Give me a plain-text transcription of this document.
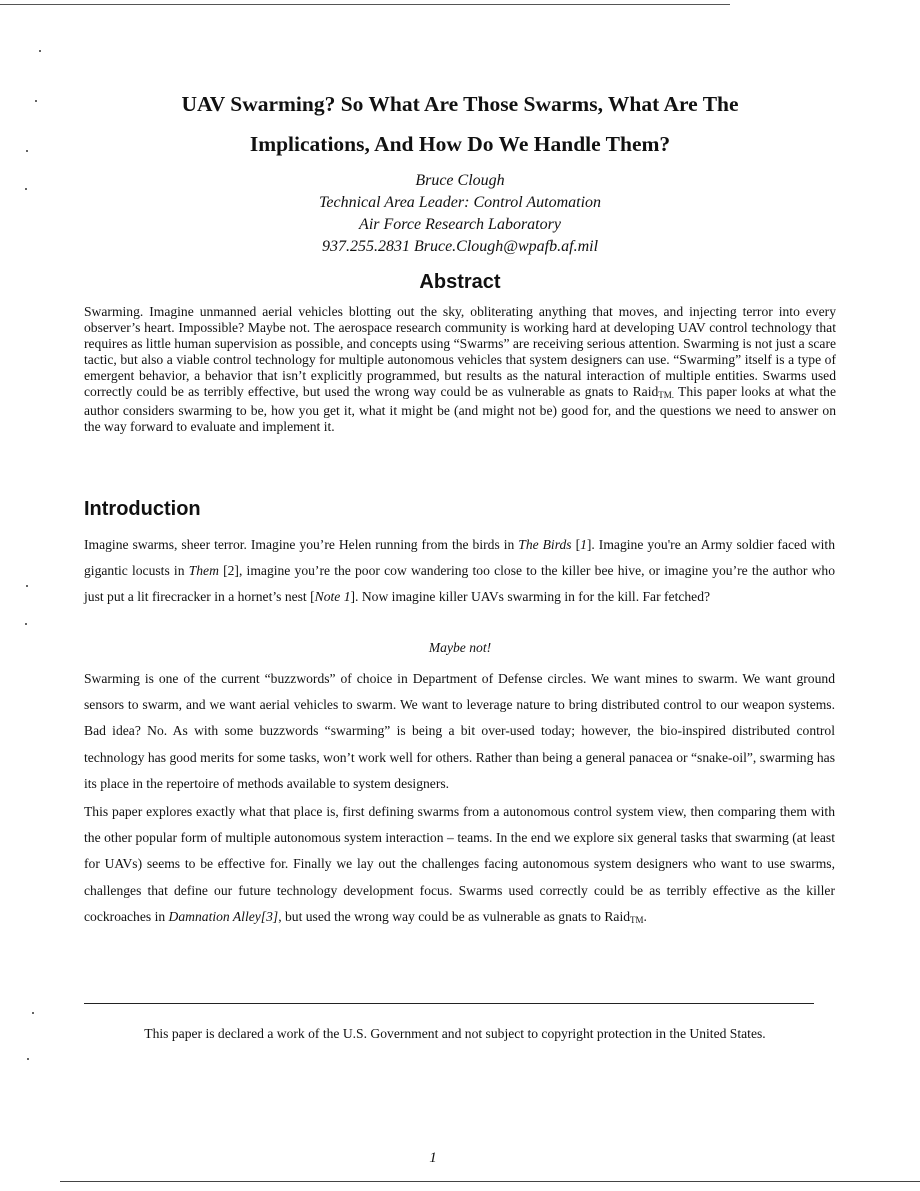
UAV Swarming? So What Are Those Swarms, What Are The
Implications, And How Do We Handle Them?
Bruce Clough
Technical Area Leader: Control Automation
Air Force Research Laboratory
937.255.2831 Bruce.Clough@wpafb.af.mil
Abstract

Swarming. Imagine unmanned aerial vehicles blotting out the sky, obliterating anything that moves, and injecting terror into every observer’s heart. Impossible? Maybe not. The aerospace research community is working hard at developing UAV control technology that requires as little human supervision as possible, and concepts using “Swarms” are receiving serious attention. Swarming is not just a scare tactic, but also a viable control technology for multiple autonomous vehicles that system designers can use. “Swarming” itself is a type of emergent behavior, a behavior that isn’t explicitly programmed, but results as the natural interaction of multiple entities. Swarms used correctly could be as terribly effective, but used the wrong way could be as vulnerable as gnats to Raid$_{TM.}$ This paper looks at what the author considers swarming to be, how you get it, what it might be (and might not be) good for, and the questions we need to answer on the way forward to evaluate and implement it.

Introduction

Imagine swarms, sheer terror. Imagine you’re Helen running from the birds in The Birds [1]. Imagine you're an Army soldier faced with gigantic locusts in Them [2], imagine you’re the poor cow wandering too close to the killer bee hive, or imagine you’re the author who just put a lit firecracker in a hornet’s nest [Note 1]. Now imagine killer UAVs swarming in for the kill. Far fetched?

Maybe not!

Swarming is one of the current “buzzwords” of choice in Department of Defense circles. We want mines to swarm. We want ground sensors to swarm, and we want aerial vehicles to swarm. We want to leverage nature to bring distributed control to our weapon systems. Bad idea? No. As with some buzzwords “swarming” is being a bit over-used today; however, the bio-inspired distributed control technology has good merits for some tasks, won’t work well for others. Rather than being a general panacea or “snake-oil”, swarming has its place in the repertoire of methods available to system designers.

This paper explores exactly what that place is, first defining swarms from a autonomous control system view, then comparing them with the other popular form of multiple autonomous system interaction – teams. In the end we explore six general tasks that swarming (at least for UAVs) seems to be effective for. Finally we lay out the challenges facing autonomous system designers who want to use swarms, challenges that define our future technology development focus. Swarms used correctly could be as terribly effective as the killer cockroaches in Damnation Alley[3], but used the wrong way could be as vulnerable as gnats to Raid$_{TM}$.

This paper is declared a work of the U.S. Government and not subject to copyright protection in the United States.

1
